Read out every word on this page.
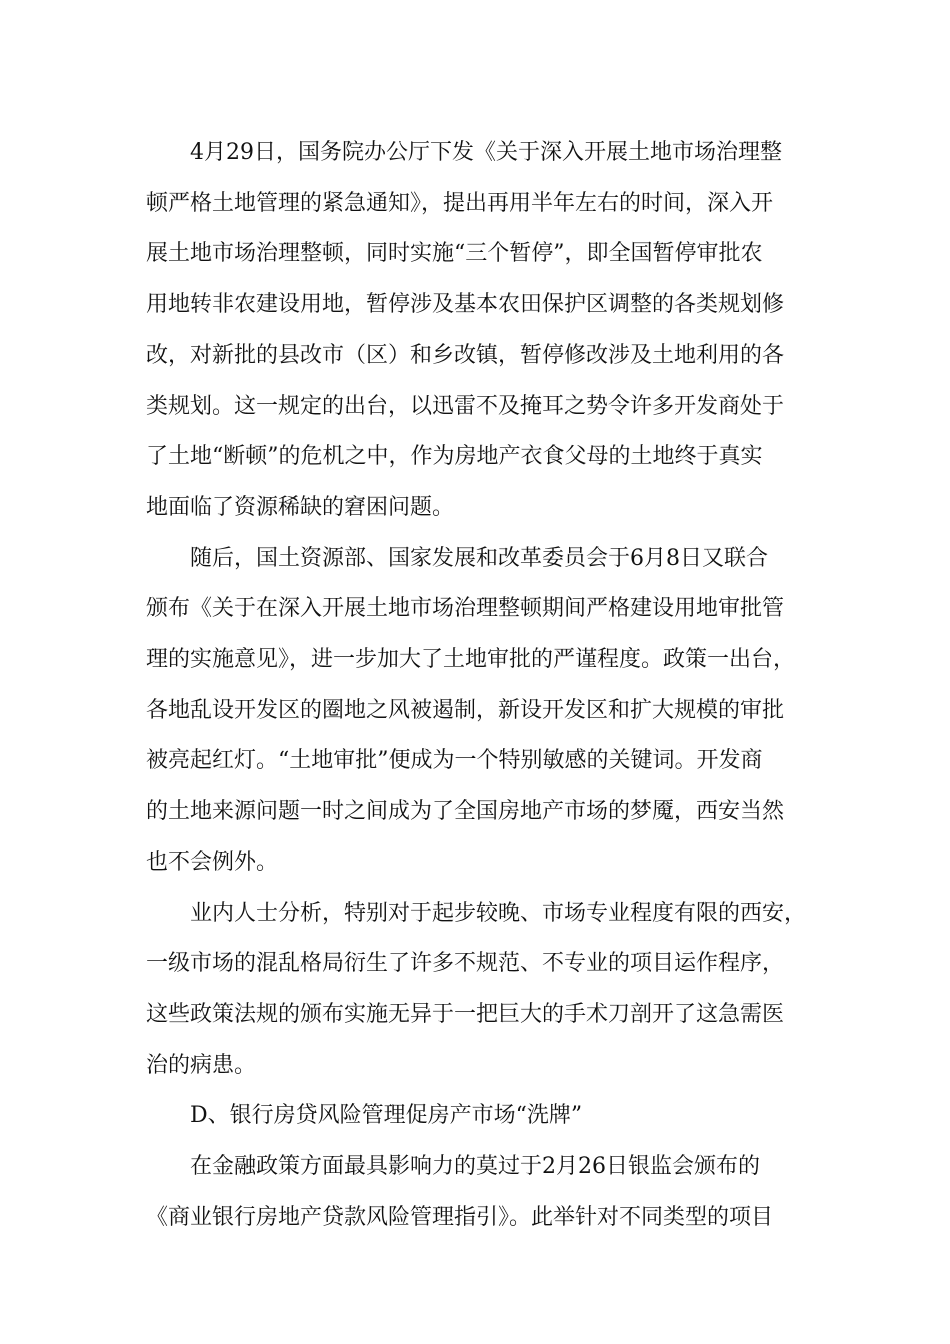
4月29日，国务院办公厅下发《关于深入开展土地市场治理整
顿严格土地管理的紧急通知》，提出再用半年左右的时间，深入开
展土地市场治理整顿，同时实施“三个暂停”，即全国暂停审批农
用地转非农建设用地，暂停涉及基本农田保护区调整的各类规划修
改，对新批的县改市（区）和乡改镇，暂停修改涉及土地利用的各
类规划。这一规定的出台，以迅雷不及掩耳之势令许多开发商处于
了土地“断顿”的危机之中，作为房地产衣食父母的土地终于真实
地面临了资源稀缺的窘困问题。

随后，国土资源部、国家发展和改革委员会于6月8日又联合
颁布《关于在深入开展土地市场治理整顿期间严格建设用地审批管
理的实施意见》，进一步加大了土地审批的严谨程度。政策一出台，
各地乱设开发区的圈地之风被遏制，新设开发区和扩大规模的审批
被亮起红灯。“土地审批”便成为一个特别敏感的关键词。开发商
的土地来源问题一时之间成为了全国房地产市场的梦魇，西安当然
也不会例外。

业内人士分析，特别对于起步较晚、市场专业程度有限的西安，
一级市场的混乱格局衍生了许多不规范、不专业的项目运作程序，
这些政策法规的颁布实施无异于一把巨大的手术刀剖开了这急需医
治的病患。

D、银行房贷风险管理促房产市场“洗牌”

在金融政策方面最具影响力的莫过于2月26日银监会颁布的
《商业银行房地产贷款风险管理指引》。此举针对不同类型的项目
